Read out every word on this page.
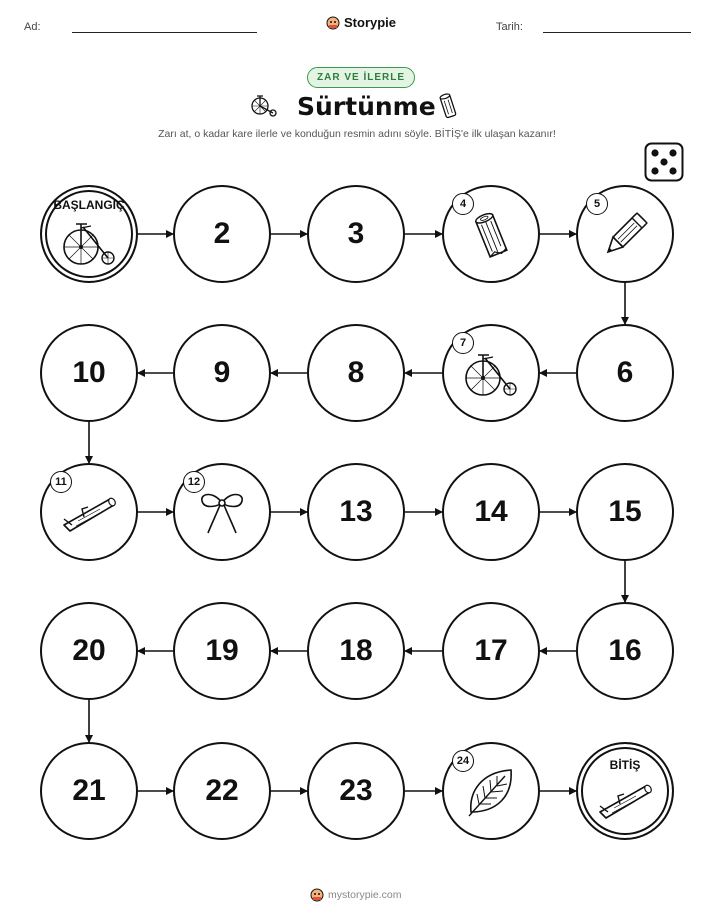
Ad:	Storypie	Tarih:
ZAR VE İLERLE
Sürtünme
Zarı at, o kadar kare ilerle ve konduğun resmin adını söyle. BİTİŞ'e ilk ulaşan kazanır!
BAŞLANGIÇ
2	3
4	5
6
7
8
9
10
11	12
13	14	15
16
17
18
19
20
21	22	23
24	BİTİŞ
mystorypie.com
